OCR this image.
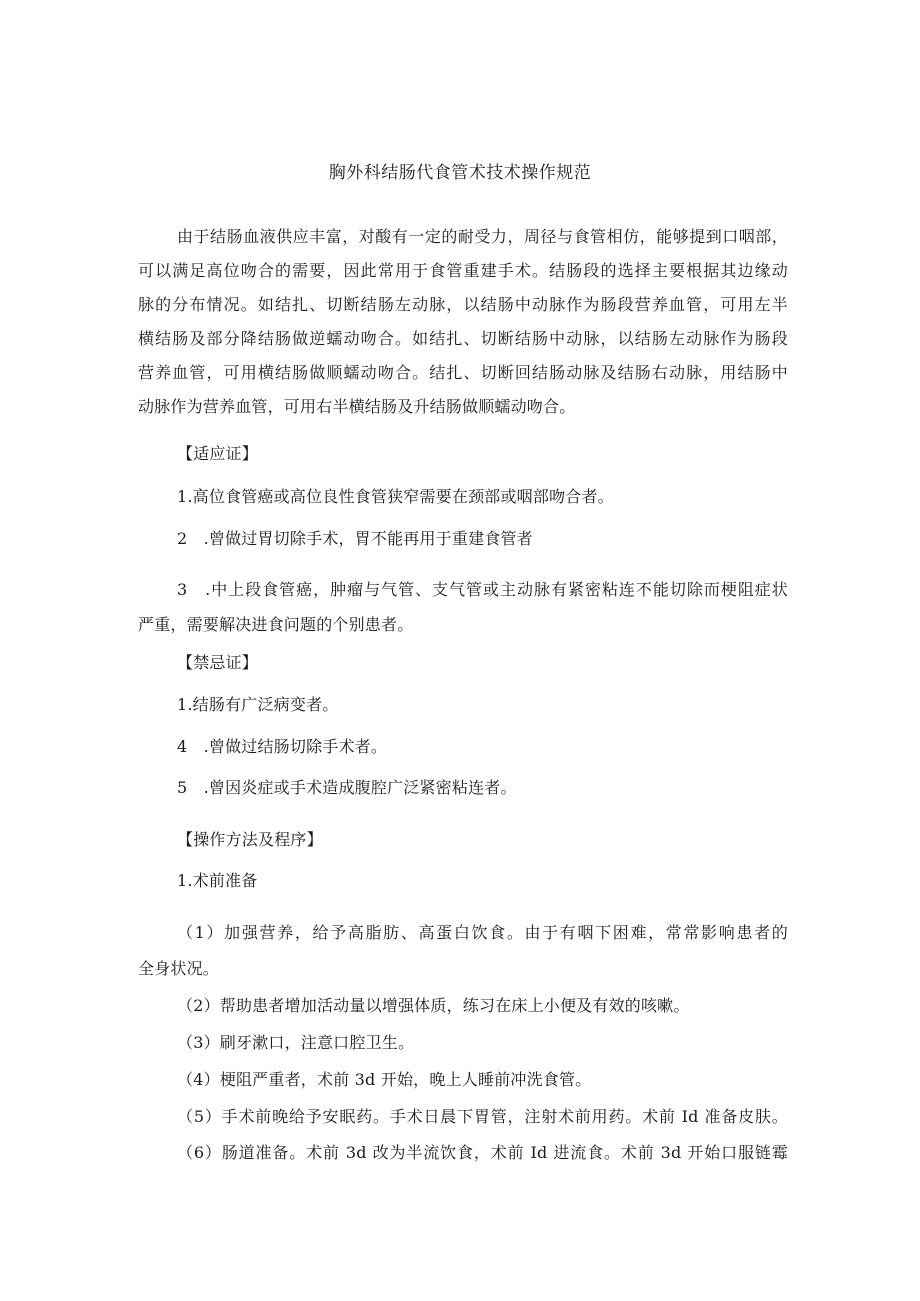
胸外科结肠代食管术技术操作规范
由于结肠血液供应丰富，对酸有一定的耐受力，周径与食管相仿，能够提到口咽部，
可以满足高位吻合的需要，因此常用于食管重建手术。结肠段的选择主要根据其边缘动
脉的分布情况。如结扎、切断结肠左动脉，以结肠中动脉作为肠段营养血管，可用左半
横结肠及部分降结肠做逆蠕动吻合。如结扎、切断结肠中动脉，以结肠左动脉作为肠段
营养血管，可用横结肠做顺蠕动吻合。结扎、切断回结肠动脉及结肠右动脉，用结肠中
动脉作为营养血管，可用右半横结肠及升结肠做顺蠕动吻合。
【适应证】
1.高位食管癌或高位良性食管狭窄需要在颈部或咽部吻合者。
2　.曾做过胃切除手术，胃不能再用于重建食管者
3　.中上段食管癌，肿瘤与气管、支气管或主动脉有紧密粘连不能切除而梗阻症状
严重，需要解决进食问题的个别患者。
【禁忌证】
1.结肠有广泛病变者。
4　.曾做过结肠切除手术者。
5　.曾因炎症或手术造成腹腔广泛紧密粘连者。
【操作方法及程序】
1.术前准备
（1）加强营养，给予高脂肪、高蛋白饮食。由于有咽下困难，常常影响患者的
全身状况。
（2）帮助患者增加活动量以增强体质，练习在床上小便及有效的咳嗽。
（3）刷牙漱口，注意口腔卫生。
（4）梗阻严重者，术前 3d 开始，晚上人睡前冲洗食管。
（5）手术前晚给予安眠药。手术日晨下胃管，注射术前用药。术前 Id 准备皮肤。
（6）肠道准备。术前 3d 改为半流饮食，术前 Id 进流食。术前 3d 开始口服链霉
